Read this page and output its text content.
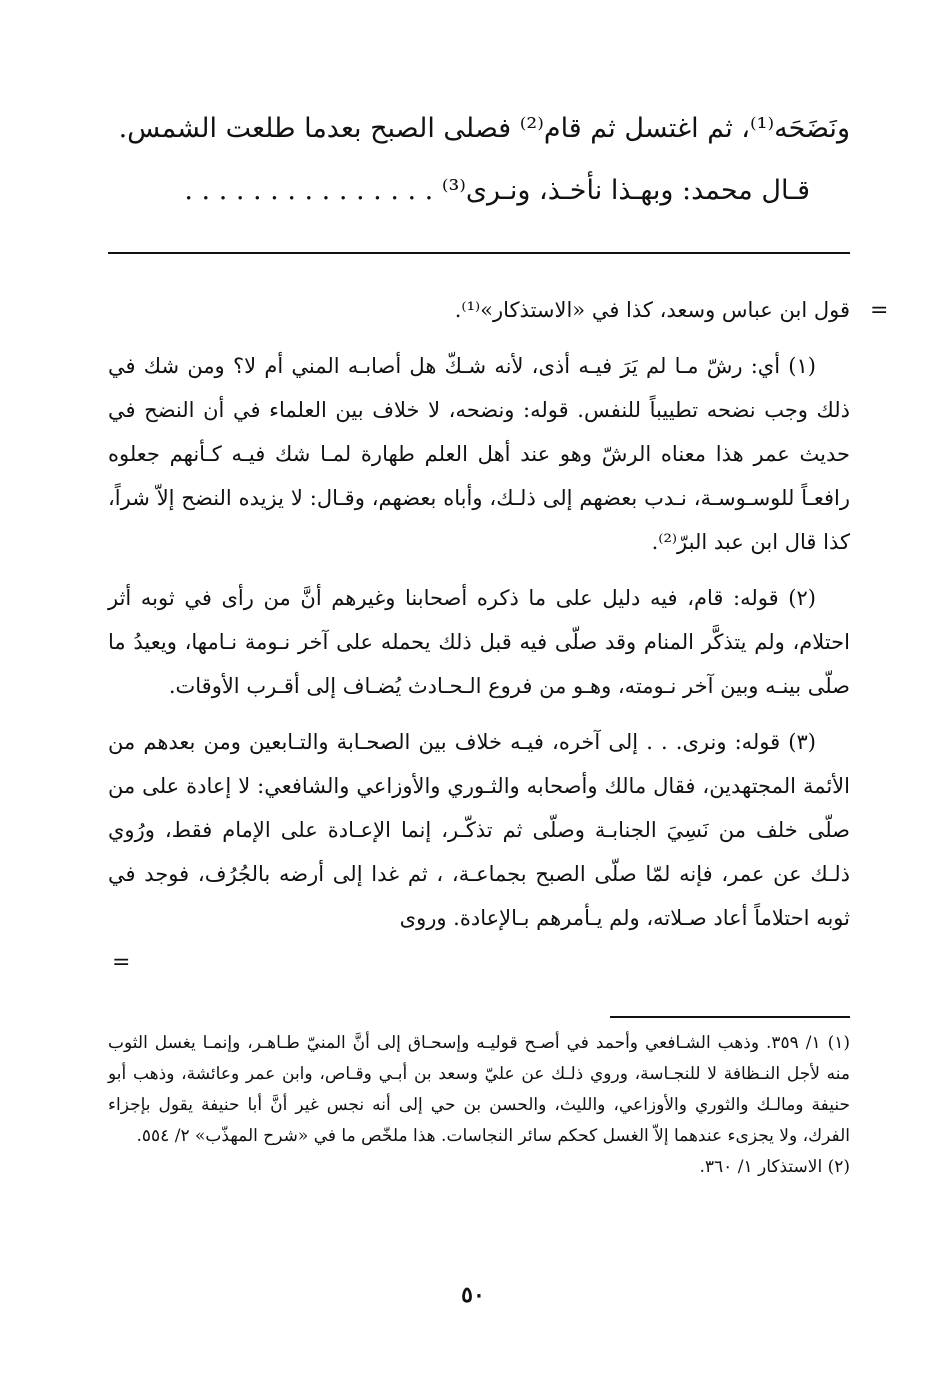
ونَضَحَه⁽¹⁾، ثم اغتسل ثم قام⁽²⁾ فصلى الصبح بعدما طلعت الشمس.

قـال محمد: وبهـذا نأخـذ، ونـرى⁽³⁾ . . . . . . . . . . . . . . .

=

قول ابن عباس وسعد، كذا في «الاستذكار»⁽¹⁾.

(١) أي: رشّ مـا لم يَرَ فيـه أذى، لأنه شـكّ هل أصابـه المني أم لا؟ ومن شك في ذلك وجب نضحه تطييباً للنفس. قوله: ونضحه، لا خلاف بين العلماء في أن النضح في حديث عمر هذا معناه الرشّ وهو عند أهل العلم طهارة لمـا شك فيـه كـأنهم جعلوه رافعـاً للوسـوسـة، نـدب بعضهم إلى ذلـك، وأباه بعضهم، وقـال: لا يزيده النضح إلاّ شراً، كذا قال ابن عبد البرّ⁽²⁾.

(٢) قوله: قام، فيه دليل على ما ذكره أصحابنا وغيرهم أنَّ من رأى في ثوبه أثر احتلام، ولم يتذكَّر المنام وقد صلّى فيه قبل ذلك يحمله على آخر نـومة نـامها، ويعيدُ ما صلّى بينـه وبين آخر نـومته، وهـو من فروع الـحـادث يُضـاف إلى أقـرب الأوقات.

(٣) قوله: ونرى. . . إلى آخره، فيـه خلاف بين الصحـابة والتـابعين ومن بعدهم من الأئمة المجتهدين، فقال مالك وأصحابه والثـوري والأوزاعي والشافعي: لا إعادة على من صلّى خلف من نَسِيَ الجنابـة وصلّى ثم تذكّـر، إنما الإعـادة على الإمام فقط، ورُوي ذلـك عن عمر، فإنه لمّا صلّى الصبح بجماعـة، ، ثم غدا إلى أرضه بالجُرُف، فوجد في ثوبه احتلاماً أعاد صـلاته، ولم يـأمرهم بـالإعادة. وروى

=

(١) ١/ ٣٥٩. وذهب الشـافعي وأحمد في أصـح قوليـه وإسحـاق إلى أنَّ المنيّ طـاهـر، وإنمـا يغسل الثوب منه لأجل النـظافة لا للنجـاسة، وروي ذلـك عن عليّ وسعد بن أبـي وقـاص، وابن عمر وعائشة، وذهب أبو حنيفة ومالـك والثوري والأوزاعي، والليث، والحسن بن حي إلى أنه نجس غير أنَّ أبا حنيفة يقول بإجزاء الفرك، ولا يجزىء عندهما إلاّ الغسل كحكم سائر النجاسات. هذا ملخّص ما في «شرح المهذّب» ٢/ ٥٥٤.

(٢) الاستذكار ١/ ٣٦٠.

٥٠
